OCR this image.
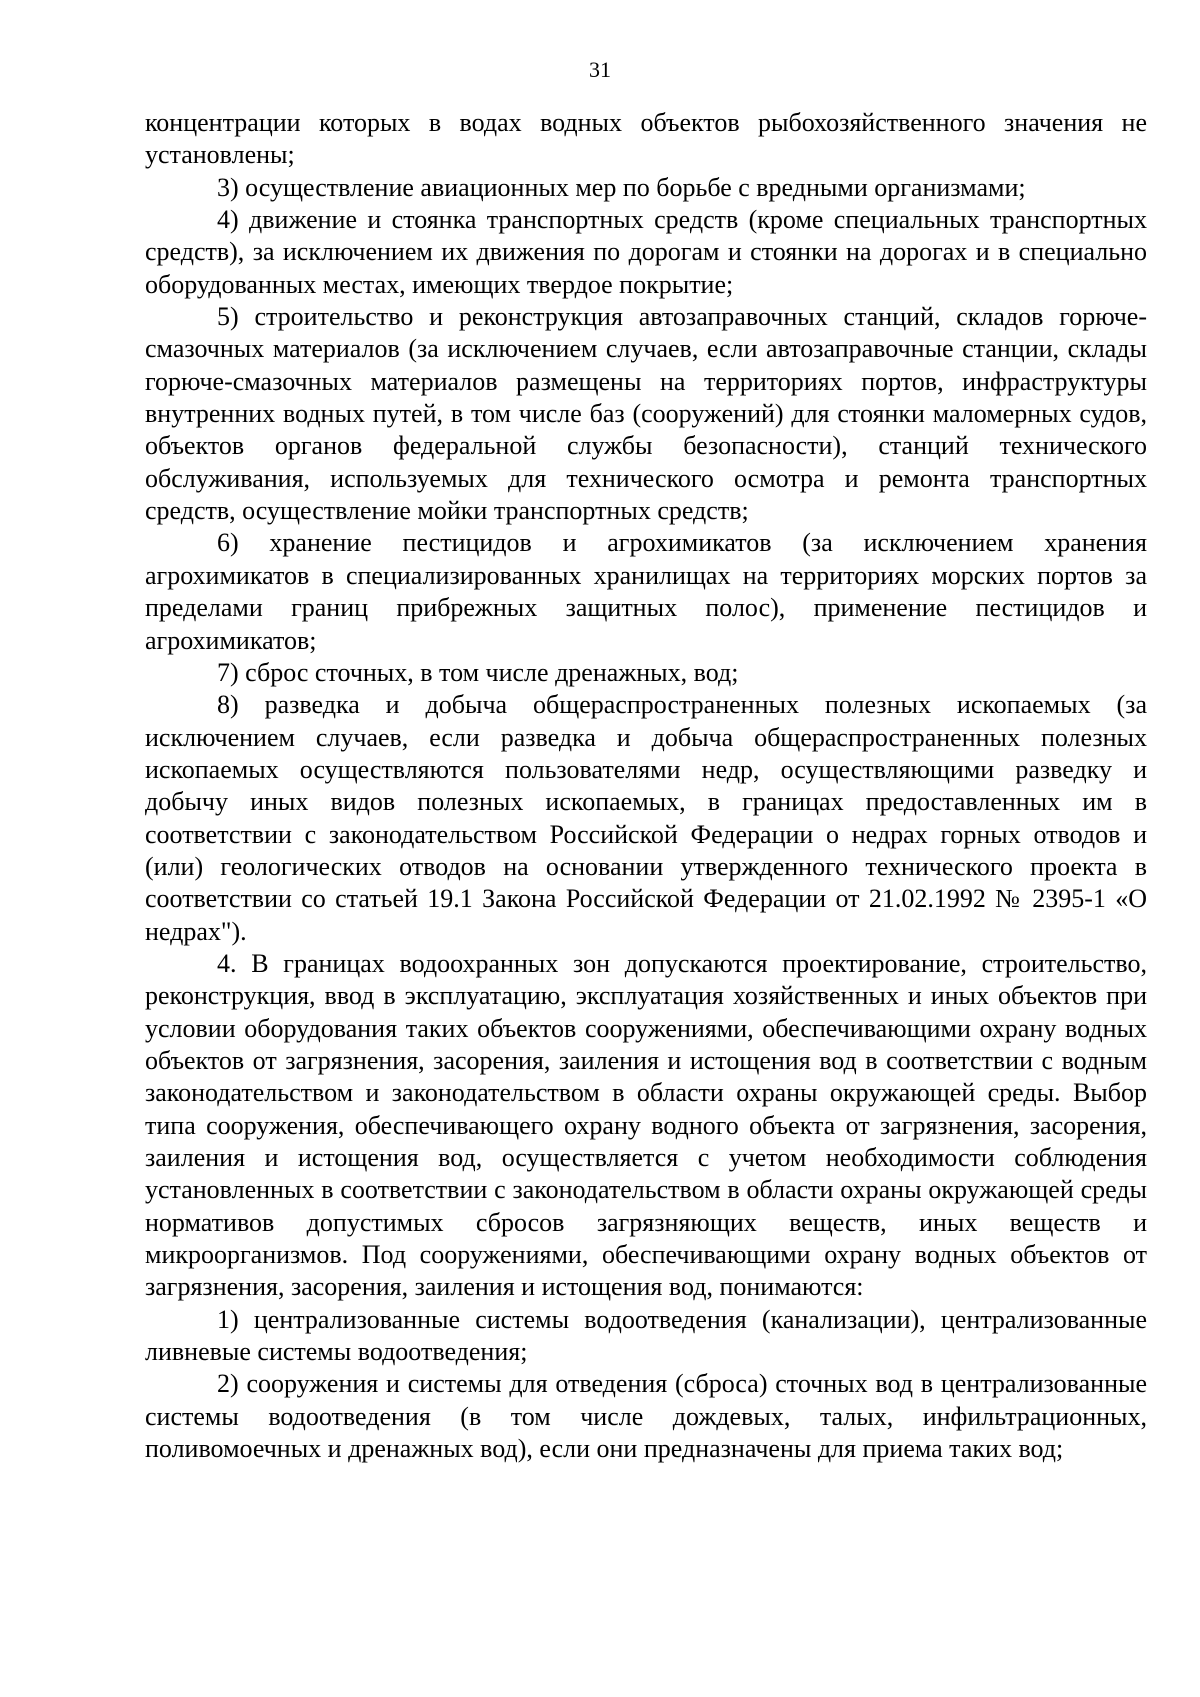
31

концентрации которых в водах водных объектов рыбохозяйственного значения не установлены;

3) осуществление авиационных мер по борьбе с вредными организмами;

4) движение и стоянка транспортных средств (кроме специальных транспортных средств), за исключением их движения по дорогам и стоянки на дорогах и в специально оборудованных местах, имеющих твердое покрытие;

5) строительство и реконструкция автозаправочных станций, складов горюче-смазочных материалов (за исключением случаев, если автозаправочные станции, склады горюче-смазочных материалов размещены на территориях портов, инфраструктуры внутренних водных путей, в том числе баз (сооружений) для стоянки маломерных судов, объектов органов федеральной службы безопасности), станций технического обслуживания, используемых для технического осмотра и ремонта транспортных средств, осуществление мойки транспортных средств;

6) хранение пестицидов и агрохимикатов (за исключением хранения агрохимикатов в специализированных хранилищах на территориях морских портов за пределами границ прибрежных защитных полос), применение пестицидов и агрохимикатов;

7) сброс сточных, в том числе дренажных, вод;

8) разведка и добыча общераспространенных полезных ископаемых (за исключением случаев, если разведка и добыча общераспространенных полезных ископаемых осуществляются пользователями недр, осуществляющими разведку и добычу иных видов полезных ископаемых, в границах предоставленных им в соответствии с законодательством Российской Федерации о недрах горных отводов и (или) геологических отводов на основании утвержденного технического проекта в соответствии со статьей 19.1 Закона Российской Федерации от 21.02.1992 № 2395-1 «О недрах").

4. В границах водоохранных зон допускаются проектирование, строительство, реконструкция, ввод в эксплуатацию, эксплуатация хозяйственных и иных объектов при условии оборудования таких объектов сооружениями, обеспечивающими охрану водных объектов от загрязнения, засорения, заиления и истощения вод в соответствии с водным законодательством и законодательством в области охраны окружающей среды. Выбор типа сооружения, обеспечивающего охрану водного объекта от загрязнения, засорения, заиления и истощения вод, осуществляется с учетом необходимости соблюдения установленных в соответствии с законодательством в области охраны окружающей среды нормативов допустимых сбросов загрязняющих веществ, иных веществ и микроорганизмов. Под сооружениями, обеспечивающими охрану водных объектов от загрязнения, засорения, заиления и истощения вод, понимаются:

1) централизованные системы водоотведения (канализации), централизованные ливневые системы водоотведения;

2) сооружения и системы для отведения (сброса) сточных вод в централизованные системы водоотведения (в том числе дождевых, талых, инфильтрационных, поливомоечных и дренажных вод), если они предназначены для приема таких вод;
